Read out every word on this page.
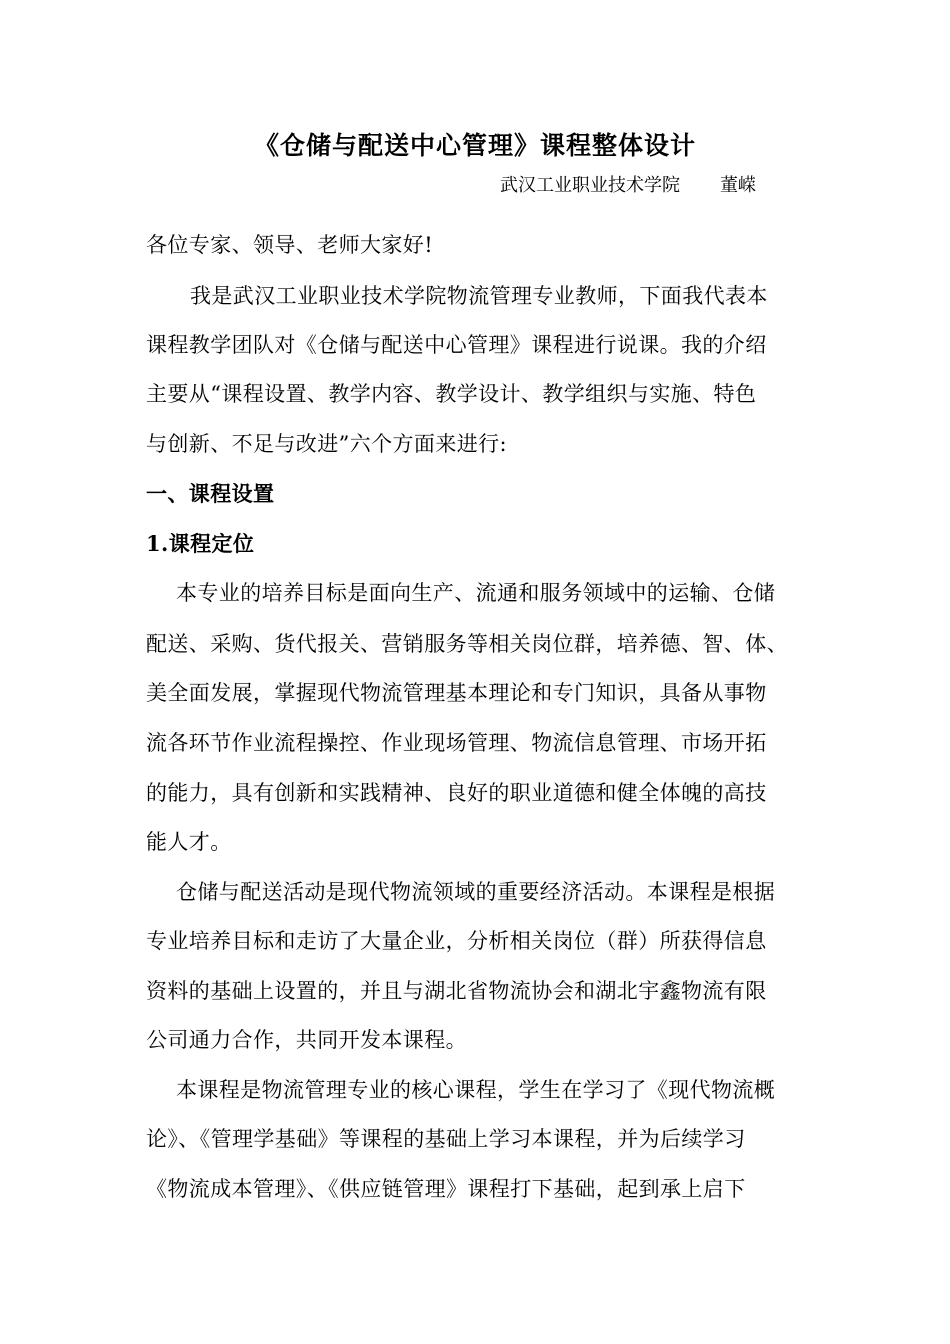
《仓储与配送中心管理》课程整体设计
武汉工业职业技术学院 董嵘
各位专家、领导、老师大家好!
我是武汉工业职业技术学院物流管理专业教师，下面我代表本
课程教学团队对《仓储与配送中心管理》课程进行说课。我的介绍
主要从“课程设置、教学内容、教学设计、教学组织与实施、特色
与创新、不足与改进”六个方面来进行:
一、课程设置
1.课程定位
本专业的培养目标是面向生产、流通和服务领域中的运输、仓储
配送、采购、货代报关、营销服务等相关岗位群，培养德、智、体、
美全面发展，掌握现代物流管理基本理论和专门知识，具备从事物
流各环节作业流程操控、作业现场管理、物流信息管理、市场开拓
的能力，具有创新和实践精神、良好的职业道德和健全体魄的高技
能人才。
仓储与配送活动是现代物流领域的重要经济活动。本课程是根据
专业培养目标和走访了大量企业，分析相关岗位（群）所获得信息
资料的基础上设置的，并且与湖北省物流协会和湖北宇鑫物流有限
公司通力合作，共同开发本课程。
本课程是物流管理专业的核心课程，学生在学习了《现代物流概
论》、《管理学基础》等课程的基础上学习本课程，并为后续学习
《物流成本管理》、《供应链管理》课程打下基础，起到承上启下
